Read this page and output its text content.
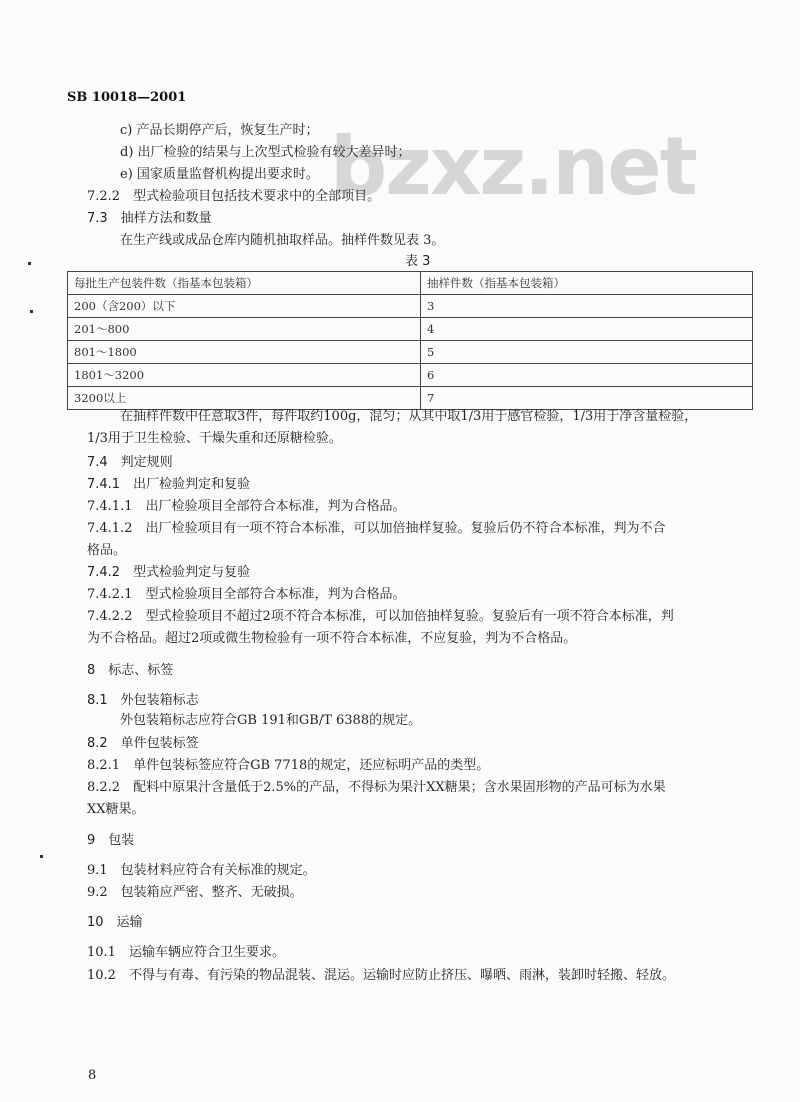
bzxz.net
SB 10018—2001
c) 产品长期停产后，恢复生产时；
d) 出厂检验的结果与上次型式检验有较大差异时；
e) 国家质量监督机构提出要求时。
7.2.2　型式检验项目包括技术要求中的全部项目。
7.3　抽样方法和数量
在生产线或成品仓库内随机抽取样品。抽样件数见表 3。
表 3
每批生产包装件数（指基本包装箱）	抽样件数（指基本包装箱）
200（含200）以下	3
201～800	4
801～1800	5
1801～3200	6
3200以上	7
在抽样件数中任意取3件，每件取约100g，混匀；从其中取1/3用于感官检验，1/3用于净含量检验，
1/3用于卫生检验、干燥失重和还原糖检验。
7.4　判定规则
7.4.1　出厂检验判定和复验
7.4.1.1　出厂检验项目全部符合本标准，判为合格品。
7.4.1.2　出厂检验项目有一项不符合本标准，可以加倍抽样复验。复验后仍不符合本标准，判为不合
格品。
7.4.2　型式检验判定与复验
7.4.2.1　型式检验项目全部符合本标准，判为合格品。
7.4.2.2　型式检验项目不超过2项不符合本标准，可以加倍抽样复验。复验后有一项不符合本标准，判
为不合格品。超过2项或微生物检验有一项不符合本标准，不应复验，判为不合格品。
8　标志、标签
8.1　外包装箱标志
外包装箱标志应符合GB 191和GB/T 6388的规定。
8.2　单件包装标签
8.2.1　单件包装标签应符合GB 7718的规定，还应标明产品的类型。
8.2.2　配料中原果汁含量低于2.5%的产品，不得标为果汁XX糖果；含水果固形物的产品可标为水果
XX糖果。
9　包装
9.1　包装材料应符合有关标准的规定。
9.2　包装箱应严密、整齐、无破损。
10　运输
10.1　运输车辆应符合卫生要求。
10.2　不得与有毒、有污染的物品混装、混运。运输时应防止挤压、曝晒、雨淋，装卸时轻搬、轻放。
8
